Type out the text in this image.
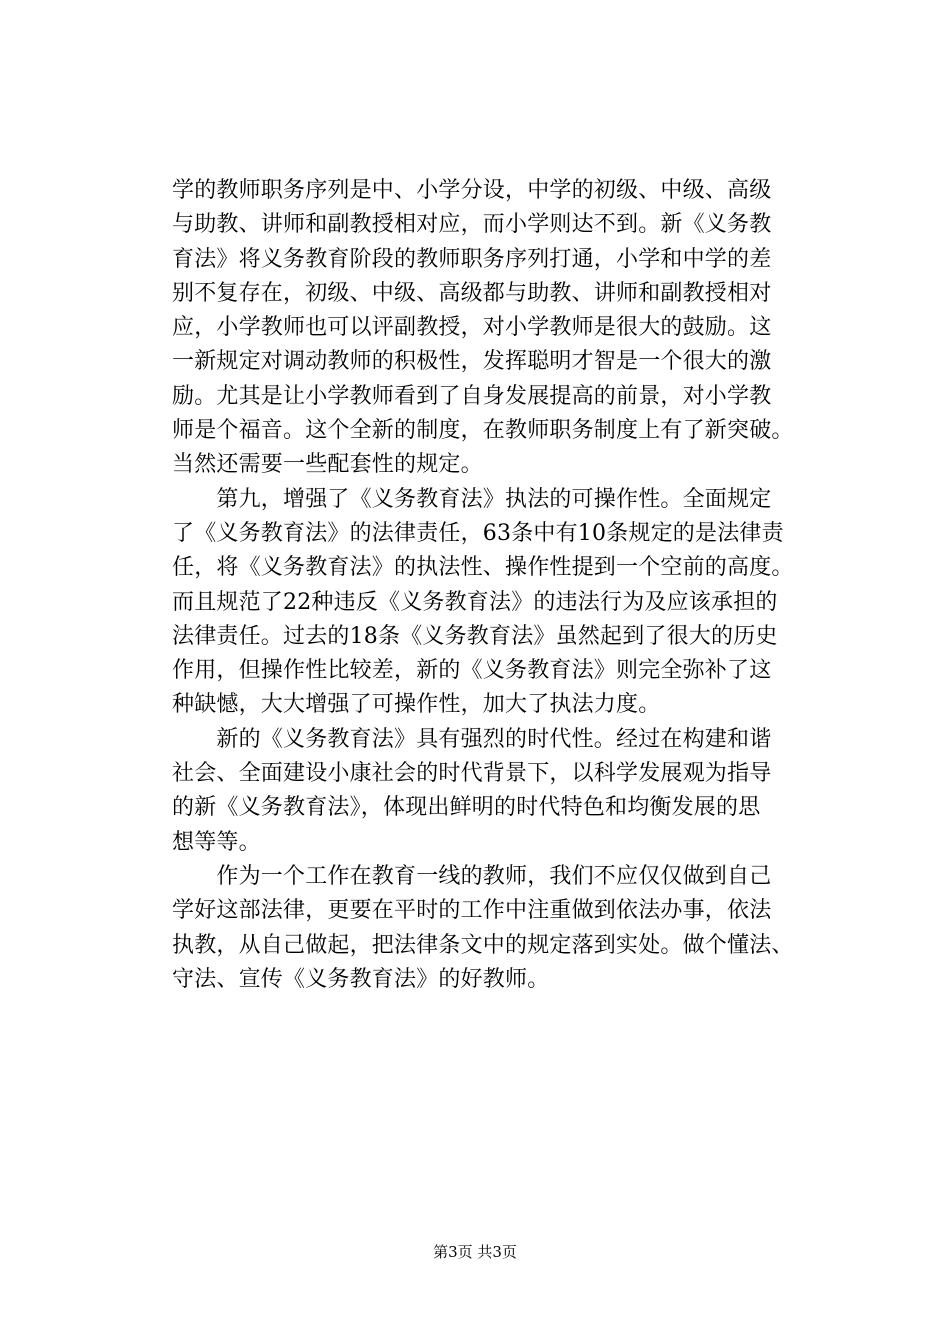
学的教师职务序列是中、小学分设，中学的初级、中级、高级
与助教、讲师和副教授相对应，而小学则达不到。新《义务教
育法》将义务教育阶段的教师职务序列打通，小学和中学的差
别不复存在，初级、中级、高级都与助教、讲师和副教授相对
应，小学教师也可以评副教授，对小学教师是很大的鼓励。这
一新规定对调动教师的积极性，发挥聪明才智是一个很大的激
励。尤其是让小学教师看到了自身发展提高的前景，对小学教
师是个福音。这个全新的制度，在教师职务制度上有了新突破。
当然还需要一些配套性的规定。
　　第九，增强了《义务教育法》执法的可操作性。全面规定
了《义务教育法》的法律责任，63条中有10条规定的是法律责
任，将《义务教育法》的执法性、操作性提到一个空前的高度。
而且规范了22种违反《义务教育法》的违法行为及应该承担的
法律责任。过去的18条《义务教育法》虽然起到了很大的历史
作用，但操作性比较差，新的《义务教育法》则完全弥补了这
种缺憾，大大增强了可操作性，加大了执法力度。
　　新的《义务教育法》具有强烈的时代性。经过在构建和谐
社会、全面建设小康社会的时代背景下，以科学发展观为指导
的新《义务教育法》，体现出鲜明的时代特色和均衡发展的思
想等等。
　　作为一个工作在教育一线的教师，我们不应仅仅做到自己
学好这部法律，更要在平时的工作中注重做到依法办事，依法
执教，从自己做起，把法律条文中的规定落到实处。做个懂法、
守法、宣传《义务教育法》的好教师。
第3页 共3页
